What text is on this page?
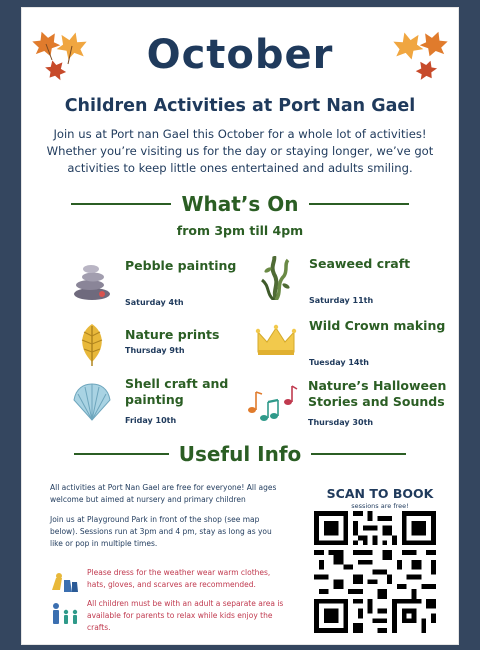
October
Children Activities at Port Nan Gael
Join us at Port nan Gael this October for a whole lot of activities! Whether you’re visiting us for the day or staying longer, we’ve got activities to keep little ones entertained and adults smiling.
What’s On
from 3pm till 4pm
Pebble painting
Saturday 4th
Seaweed craft
Saturday 11th
Nature prints
Thursday 9th
Wild Crown making
Tuesday 14th
Shell craft and painting
Friday 10th
Nature’s Halloween Stories and Sounds
Thursday 30th
Useful Info
All activities at Port Nan Gael are free for everyone! All ages welcome but aimed at nursery and primary children
Join us at Playground Park in front of the shop (see map below). Sessions run at 3pm and 4 pm, stay as long as you like or pop in multiple times.
Please dress for the weather wear warm clothes, hats, gloves, and scarves are recommended.
All children must be with an adult a separate area is available for parents to relax while kids enjoy the crafts.
SCAN TO BOOK
sessions are free!
